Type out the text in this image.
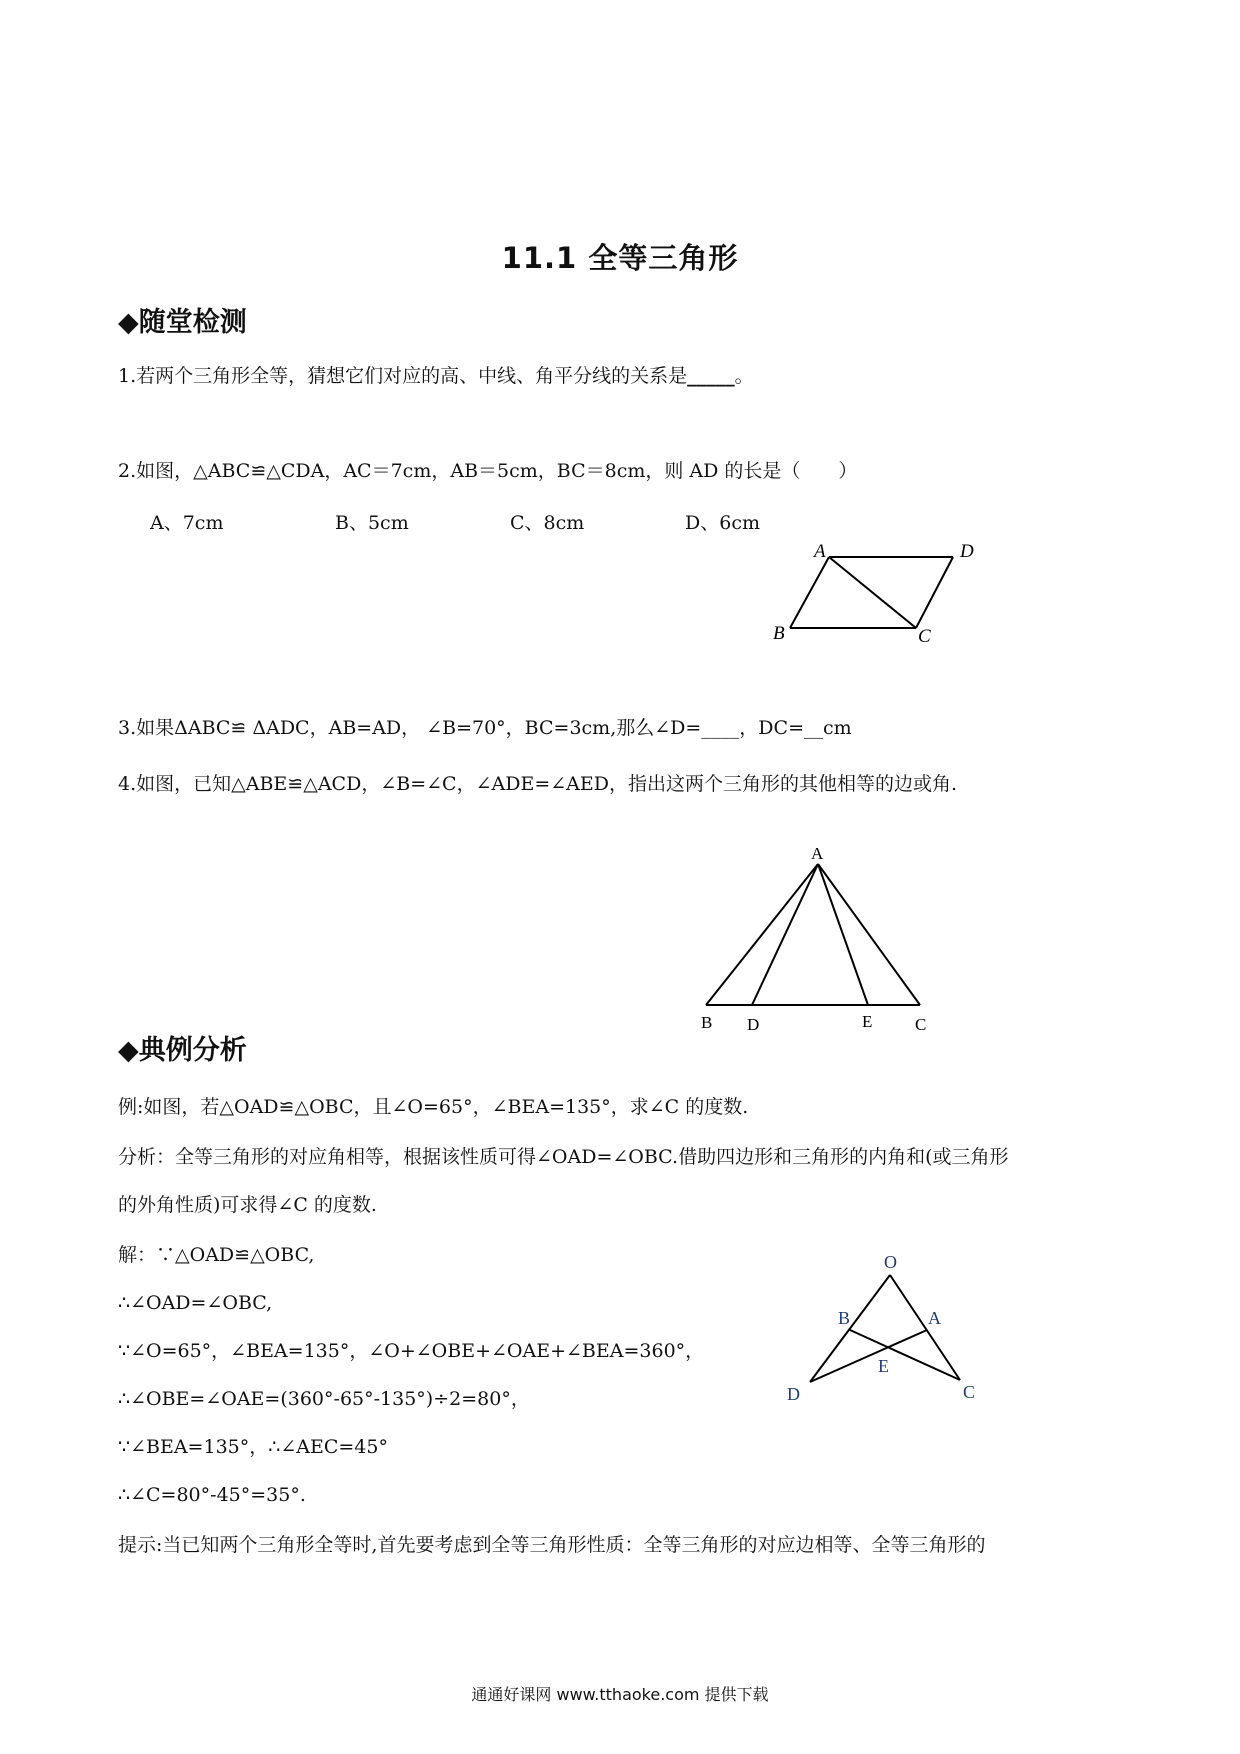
11.1 全等三角形
◆随堂检测
1.若两个三角形全等，猜想它们对应的高、中线、角平分线的关系是_____。
2.如图，△ABC≌△CDA，AC＝7cm，AB＝5cm，BC＝8cm，则 AD 的长是（　　）
A、7cm	B、5cm	C、8cm	D、6cm
A	D
B	C
3.如果ΔABC≌ ΔADC，AB=AD， ∠B=70°，BC=3cm,那么∠D=____，DC=__cm
4.如图，已知△ABE≌△ACD，∠B=∠C，∠ADE=∠AED，指出这两个三角形的其他相等的边或角.
A
B D	E	C
◆典例分析
例:如图，若△OAD≌△OBC，且∠O=65°，∠BEA=135°，求∠C 的度数.
分析：全等三角形的对应角相等，根据该性质可得∠OAD=∠OBC.借助四边形和三角形的内角和(或三角形
的外角性质)可求得∠C 的度数.
解：∵△OAD≌△OBC,
∴∠OAD=∠OBC,
∵∠O=65°，∠BEA=135°，∠O+∠OBE+∠OAE+∠BEA=360°，
∴∠OBE=∠OAE=(360°-65°-135°)÷2=80°，
∵∠BEA=135°，∴∠AEC=45°
∴∠C=80°-45°=35°.
提示:当已知两个三角形全等时,首先要考虑到全等三角形性质：全等三角形的对应边相等、全等三角形的
O
B	A
E
D	C
通通好课网 www.tthaoke.com 提供下载
